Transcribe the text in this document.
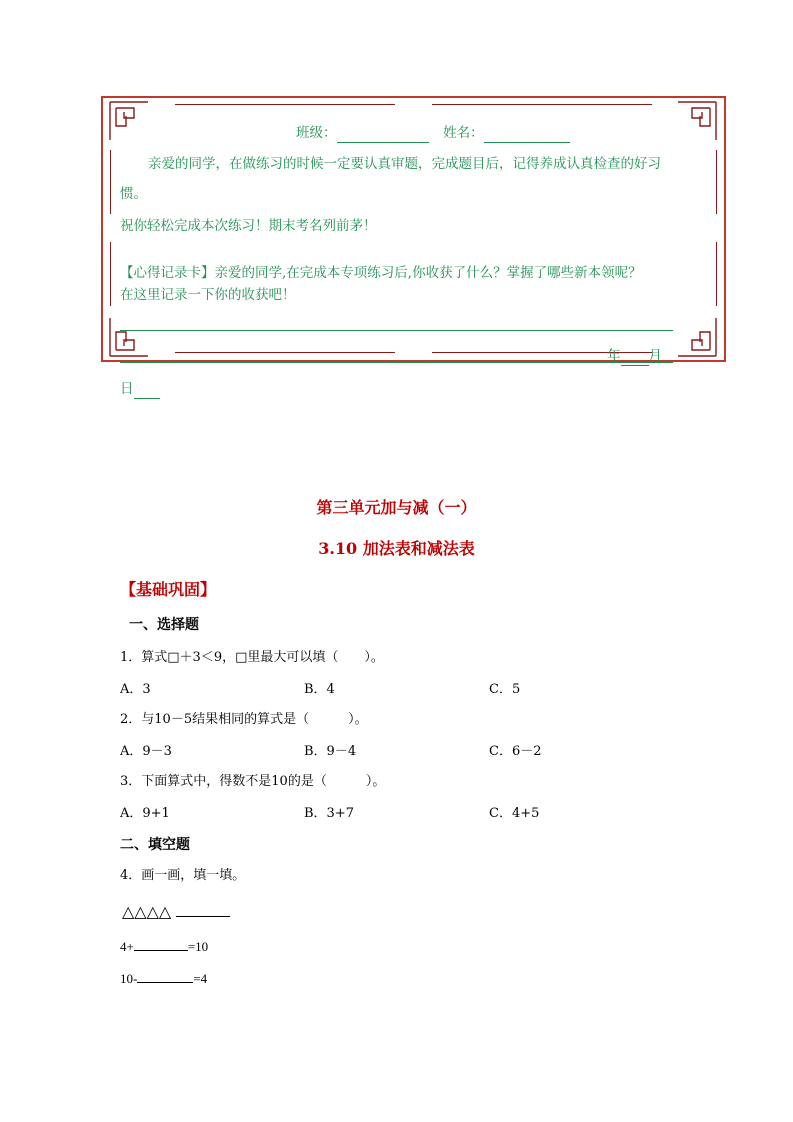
班级：	姓名：
亲爱的同学，在做练习的时候一定要认真审题，完成题目后，记得养成认真检查的好习
惯。
祝你轻松完成本次练习！期末考名列前茅！
【心得记录卡】亲爱的同学,在完成本专项练习后,你收获了什么？掌握了哪些新本领呢？
在这里记录一下你的收获吧！
年 月
日
第三单元加与减（一）
3.10 加法表和减法表
【基础巩固】
一、选择题
1．算式□＋3＜9，□里最大可以填（　　）。
A．3	B．4	C．5
2．与10－5结果相同的算式是（　　　）。
A．9－3	B．9－4	C．6－2
3．下面算式中，得数不是10的是（　　　）。
A．9+1	B．3+7	C．4+5
二、填空题
4．画一画，填一填。
△△△△
4+	=10
10-	=4
